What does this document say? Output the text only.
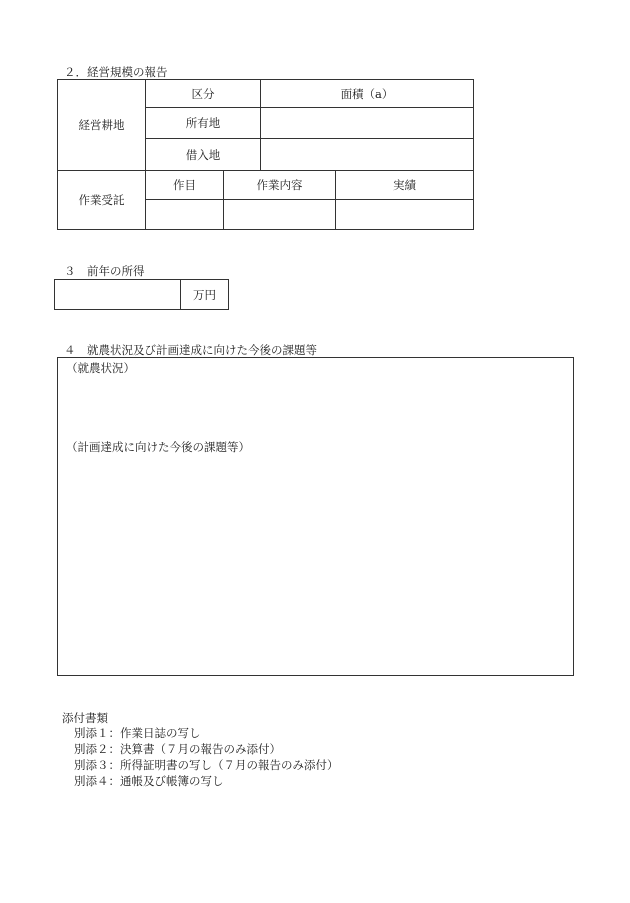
２．経営規模の報告
経営耕地	区分	面積（a）
	所有地	
	借入地	
作業受託	作目	作業内容	実績

３　前年の所得
	万円
４　就農状況及び計画達成に向けた今後の課題等
（就農状況）
（計画達成に向けた今後の課題等）
添付書類
別添１：作業日誌の写し
別添２：決算書（７月の報告のみ添付）
別添３：所得証明書の写し（７月の報告のみ添付）
別添４：通帳及び帳簿の写し
